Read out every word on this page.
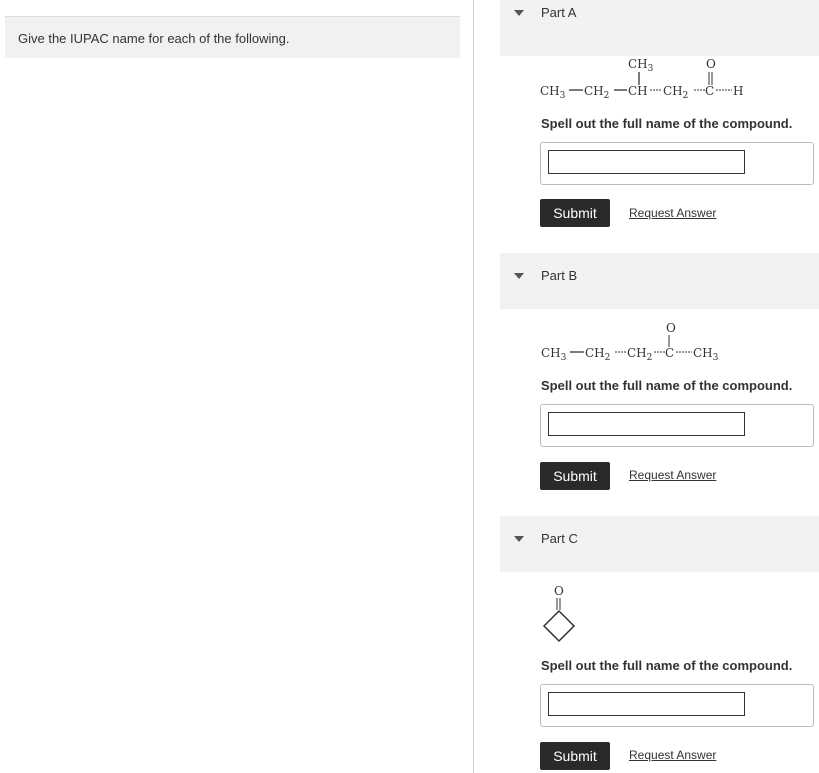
Give the IUPAC name for each of the following.
Part A
$CH_3$	O
$CH_3$ $CH_2$ CH $CH_2$ C H
Spell out the full name of the compound.
Submit	Request Answer
Part B
O
$CH_3$ $CH_2$ $CH_2$ C $CH_3$
Spell out the full name of the compound.
Submit	Request Answer
Part C
O
Spell out the full name of the compound.
Submit	Request Answer
